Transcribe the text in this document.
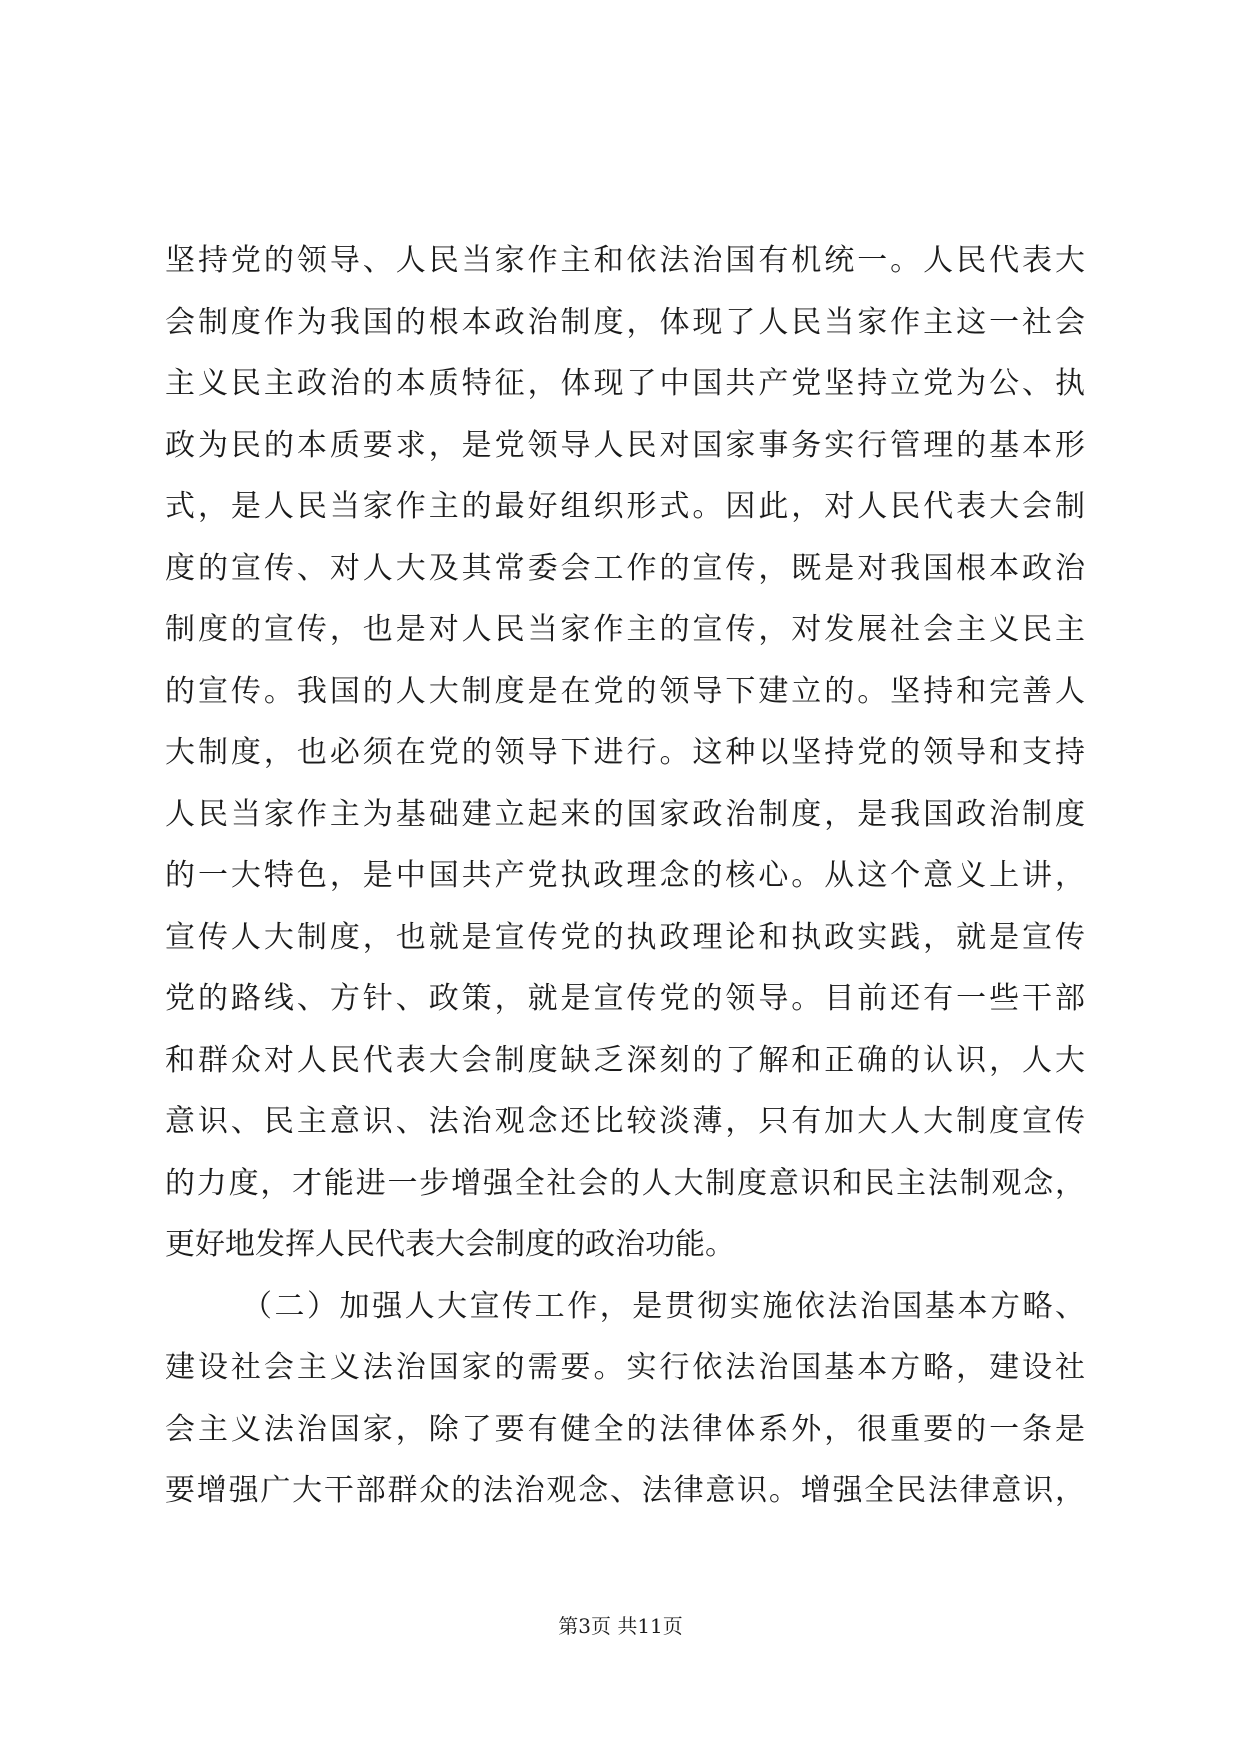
坚持党的领导、人民当家作主和依法治国有机统一。人民代表大
会制度作为我国的根本政治制度，体现了人民当家作主这一社会
主义民主政治的本质特征，体现了中国共产党坚持立党为公、执
政为民的本质要求，是党领导人民对国家事务实行管理的基本形
式，是人民当家作主的最好组织形式。因此，对人民代表大会制
度的宣传、对人大及其常委会工作的宣传，既是对我国根本政治
制度的宣传，也是对人民当家作主的宣传，对发展社会主义民主
的宣传。我国的人大制度是在党的领导下建立的。坚持和完善人
大制度，也必须在党的领导下进行。这种以坚持党的领导和支持
人民当家作主为基础建立起来的国家政治制度，是我国政治制度
的一大特色，是中国共产党执政理念的核心。从这个意义上讲，
宣传人大制度，也就是宣传党的执政理论和执政实践，就是宣传
党的路线、方针、政策，就是宣传党的领导。目前还有一些干部
和群众对人民代表大会制度缺乏深刻的了解和正确的认识，人大
意识、民主意识、法治观念还比较淡薄，只有加大人大制度宣传
的力度，才能进一步增强全社会的人大制度意识和民主法制观念，
更好地发挥人民代表大会制度的政治功能。
（二）加强人大宣传工作，是贯彻实施依法治国基本方略、
建设社会主义法治国家的需要。实行依法治国基本方略，建设社
会主义法治国家，除了要有健全的法律体系外，很重要的一条是
要增强广大干部群众的法治观念、法律意识。增强全民法律意识，
第3页 共11页
